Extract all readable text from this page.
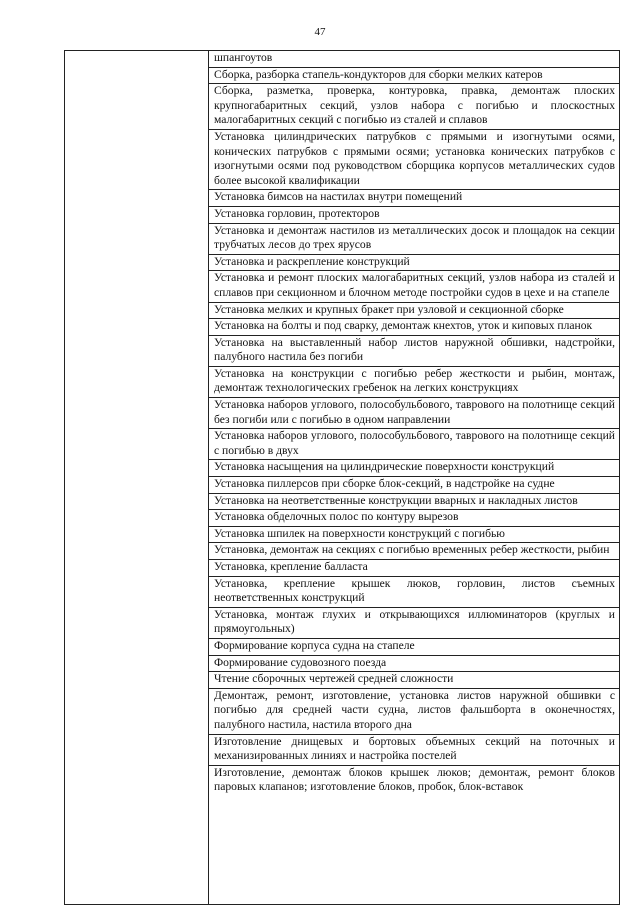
47

шпангоутов
Сборка, разборка стапель-кондукторов для сборки мелких катеров
Сборка, разметка, проверка, контуровка, правка, демонтаж плоских крупногабаритных секций, узлов набора с погибью и плоскостных малогабаритных секций с погибью из сталей и сплавов
Установка цилиндрических патрубков с прямыми и изогнутыми осями, конических патрубков с прямыми осями; установка конических патрубков с изогнутыми осями под руководством сборщика корпусов металлических судов более высокой квалификации
Установка бимсов на настилах внутри помещений
Установка горловин, протекторов
Установка и демонтаж настилов из металлических досок и площадок на секции трубчатых лесов до трех ярусов
Установка и раскрепление конструкций
Установка и ремонт плоских малогабаритных секций, узлов набора из сталей и сплавов при секционном и блочном методе постройки судов в цехе и на стапеле
Установка мелких и крупных бракет при узловой и секционной сборке
Установка на болты и под сварку, демонтаж кнехтов, уток и киповых планок
Установка на выставленный набор листов наружной обшивки, надстройки, палубного настила без погиби
Установка на конструкции с погибью ребер жесткости и рыбин, монтаж, демонтаж технологических гребенок на легких конструкциях
Установка наборов углового, полособульбового, таврового на полотнище секций без погиби или с погибью в одном направлении
Установка наборов углового, полособульбового, таврового на полотнище секций с погибью в двух
Установка насыщения на цилиндрические поверхности конструкций
Установка пиллерсов при сборке блок-секций, в надстройке на судне
Установка на неответственные конструкции вварных и накладных листов
Установка обделочных полос по контуру вырезов
Установка шпилек на поверхности конструкций с погибью
Установка, демонтаж на секциях с погибью временных ребер жесткости, рыбин
Установка, крепление балласта
Установка, крепление крышек люков, горловин, листов съемных неответственных конструкций
Установка, монтаж глухих и открывающихся иллюминаторов (круглых и прямоугольных)
Формирование корпуса судна на стапеле
Формирование судовозного поезда
Чтение сборочных чертежей средней сложности
Демонтаж, ремонт, изготовление, установка листов наружной обшивки с погибью для средней части судна, листов фальшборта в оконечностях, палубного настила, настила второго дна
Изготовление днищевых и бортовых объемных секций на поточных и механизированных линиях и настройка постелей
Изготовление, демонтаж блоков крышек люков; демонтаж, ремонт блоков паровых клапанов; изготовление блоков, пробок, блок-вставок
